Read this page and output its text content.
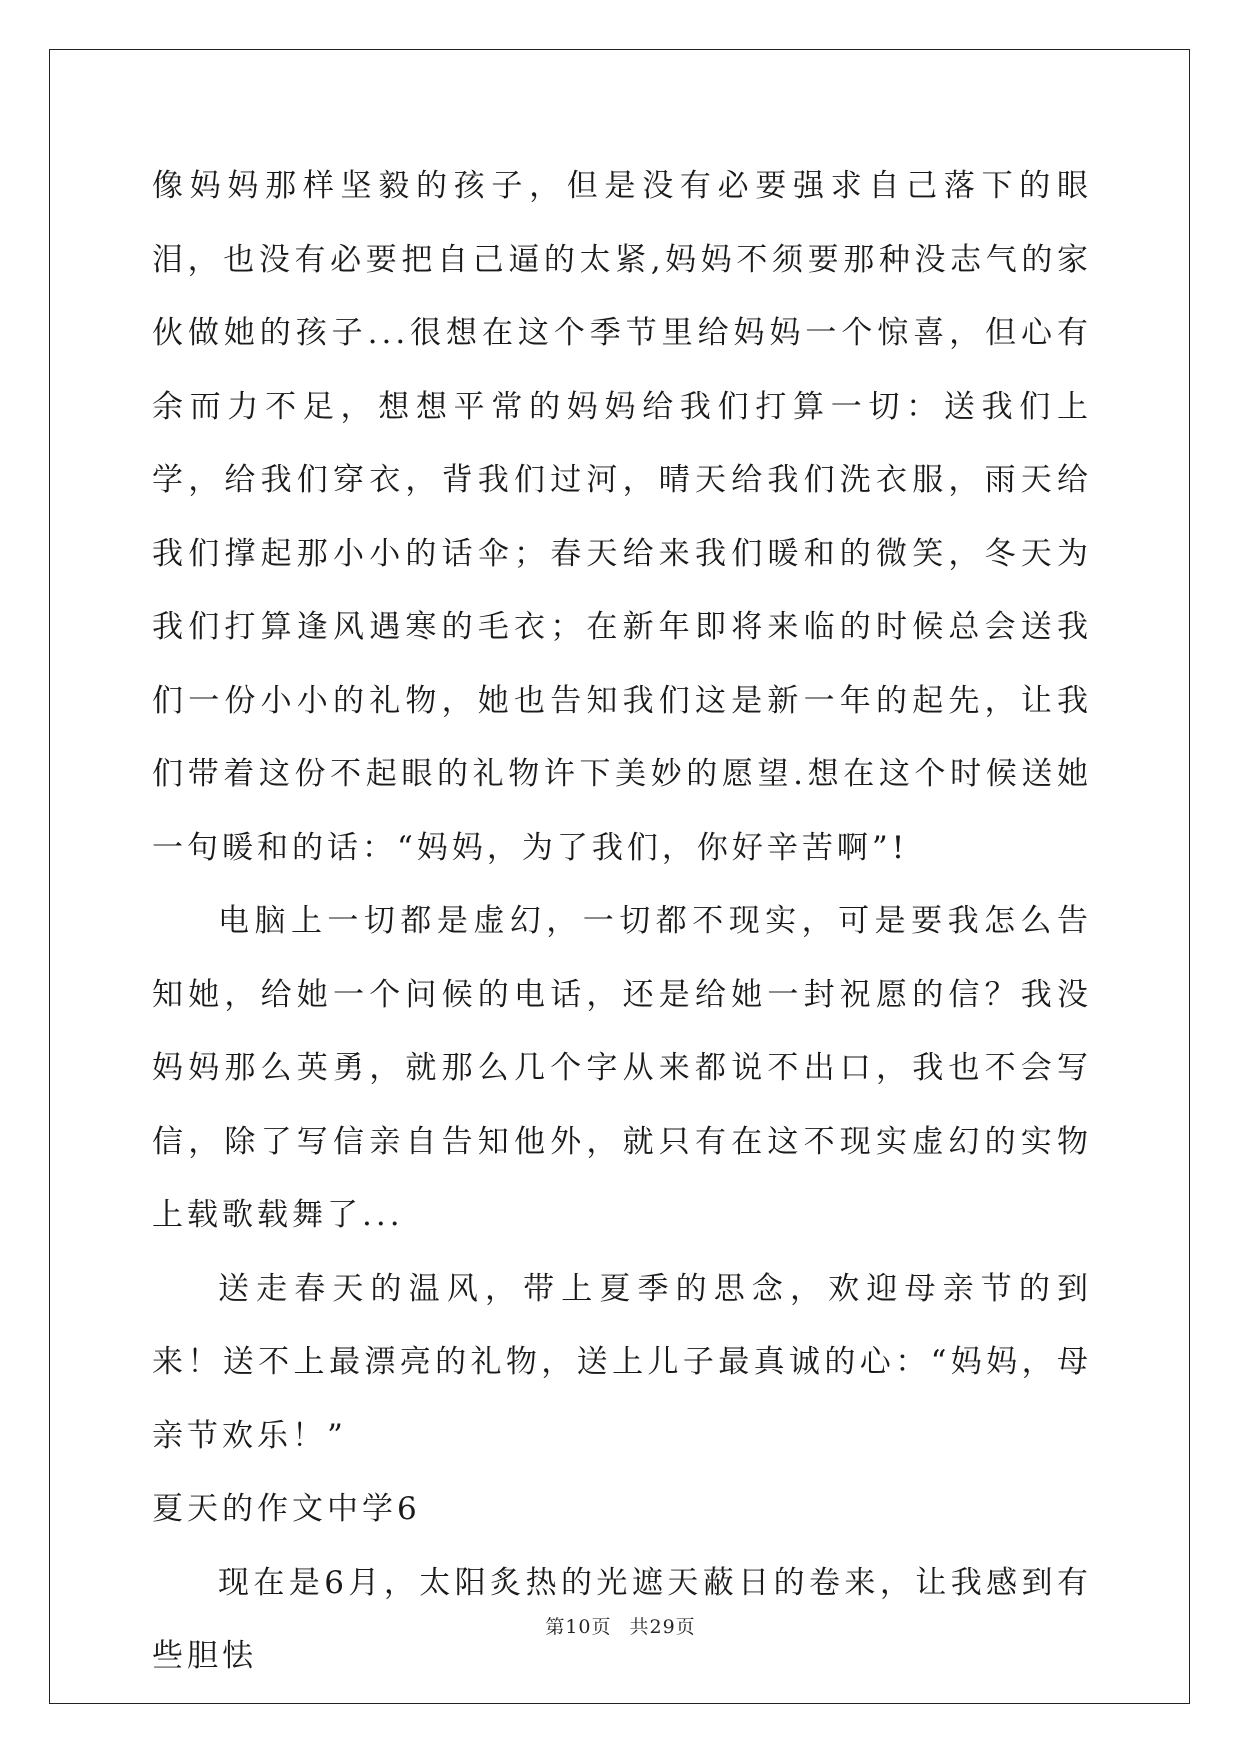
像妈妈那样坚毅的孩子，但是没有必要强求自己落下的眼泪，也没有必要把自己逼的太紧,妈妈不须要那种没志气的家伙做她的孩子...很想在这个季节里给妈妈一个惊喜，但心有余而力不足，想想平常的妈妈给我们打算一切：送我们上学，给我们穿衣，背我们过河，晴天给我们洗衣服，雨天给我们撑起那小小的话伞；春天给来我们暖和的微笑，冬天为我们打算逢风遇寒的毛衣；在新年即将来临的时候总会送我们一份小小的礼物，她也告知我们这是新一年的起先，让我们带着这份不起眼的礼物许下美妙的愿望.想在这个时候送她一句暖和的话：“妈妈，为了我们，你好辛苦啊”!

电脑上一切都是虚幻，一切都不现实，可是要我怎么告知她，给她一个问候的电话，还是给她一封祝愿的信？我没妈妈那么英勇，就那么几个字从来都说不出口，我也不会写信，除了写信亲自告知他外，就只有在这不现实虚幻的实物上载歌载舞了...

送走春天的温风，带上夏季的思念，欢迎母亲节的到来！送不上最漂亮的礼物，送上儿子最真诚的心：“妈妈，母亲节欢乐！”

夏天的作文中学6

现在是6月，太阳炙热的光遮天蔽日的卷来，让我感到有些胆怯

第10页 共29页
